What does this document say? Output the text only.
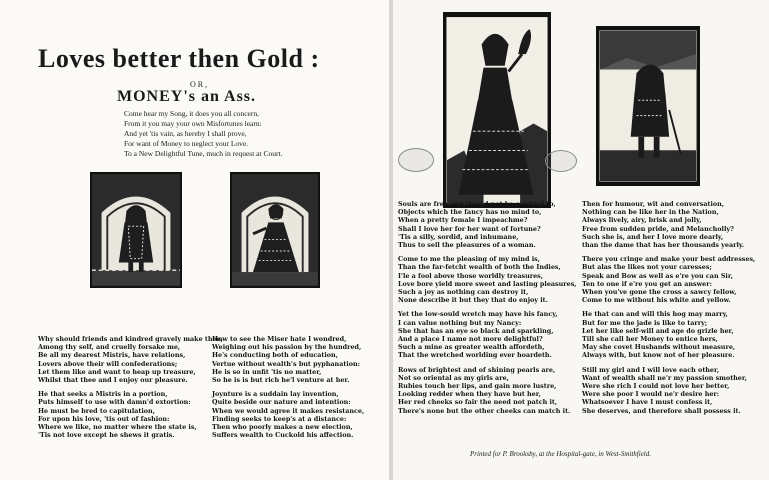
Loves better then Gold :

OR,

MONEY's an Ass.
Come hear my Song, it does you all concern,
From it you may your own Misfortunes learn:
And yet 'tis vain, as hereby I shall prove,
For want of Money to neglect your Love.
To a New Delightful Tune, much in request at Court.
Why should friends and kindred gravely make thee,
Among thy self, and cruelly forsake me,
Be all my dearest Mistris, have relations,
Lovers above their will confederations;
Let them like and want to heap up treasure,
Whilst that thee and I enjoy our pleasure.
He that seeks a Mistris in a portion,
Puts himself to use with damn'd extortion:
He must be bred to capitulation,
For upon his love, 'tis out of fashion:
Where we like, no matter where the state is,
'Tis not love except he shews it gratis.
How to see the Miser hate I wondred,
Weighing out his passion by the hundred,
He's conducting both of education,
Vertue without wealth's but pyphanation:
He is so in unfit 'tis no matter,
So he is is but rich he'l venture at her.
Joynture is a suddain lay invention,
Quite beside our nature and intention:
When we would agree it makes resistance,
Finding seeks to keep's at a distance:
Then who poorly makes a new election,
Suffers wealth to Cuckold his affection.
Souls are free and thou'd not be confin'd to,
Objects which the fancy has no mind to,
When a pretty female I impeachme?
Shall I love her for her want of fortune?
'Tis a silly, sordid, and inhumane,
Thus to sell the pleasures of a woman.
Come to me the pleasing of my mind is,
Than the far-fetcht wealth of both the Indies,
I'le a fool above those worldly treasures,
Love bore yield more sweet and lasting pleasures,
Such a joy as nothing can destroy it,
None describe it but they that do enjoy it.
Yet the low-sould wretch may have his fancy,
I can value nothing but my Nancy:
She that has an eye so black and sparkling,
And a place I name not more delightful?
Such a mine as greater wealth affordeth,
That the wretched worlding ever hoardeth.
Rows of brightest and of shining pearls are,
Not so oriental as my girls are,
Rubies touch her lips, and gain more lustre,
Looking redder when they have but her,
Her red cheeks so fair the need not patch it,
There's none but the other cheeks can match it.
Then for humour, wit and conversation,
Nothing can be like her in the Nation,
Always lively, airy, brisk and jolly,
Free from sudden pride, and Melancholly?
Such she is, and her I love more dearly,
than the dame that has her thousands yearly.
There you cringe and make your best addresses,
But alas the likes not your caresses;
Speak and Bow as well as e're you can Sir,
Ten to one if e're you get an answer:
When you've gone the cross a sawcy fellow,
Come to me without his white and yellow.
He that can and will this hog may marry,
But for me the jade is like to tarry;
Let her like self-will and age do grizle her,
Till she call her Money to entice hers,
May she covet Husbands without measure,
Always with, but know not of her pleasure.
Still my girl and I will love each other,
Want of wealth shall ne'r my passion smother,
Were she rich I could not love her better,
Were she poor I would ne'r desire her:
Whatsoever I have I must confess it,
She deserves, and therefore shall possess it.
Printed for P. Brooksby, at the Hospital-gate, in West-Smithfield.
